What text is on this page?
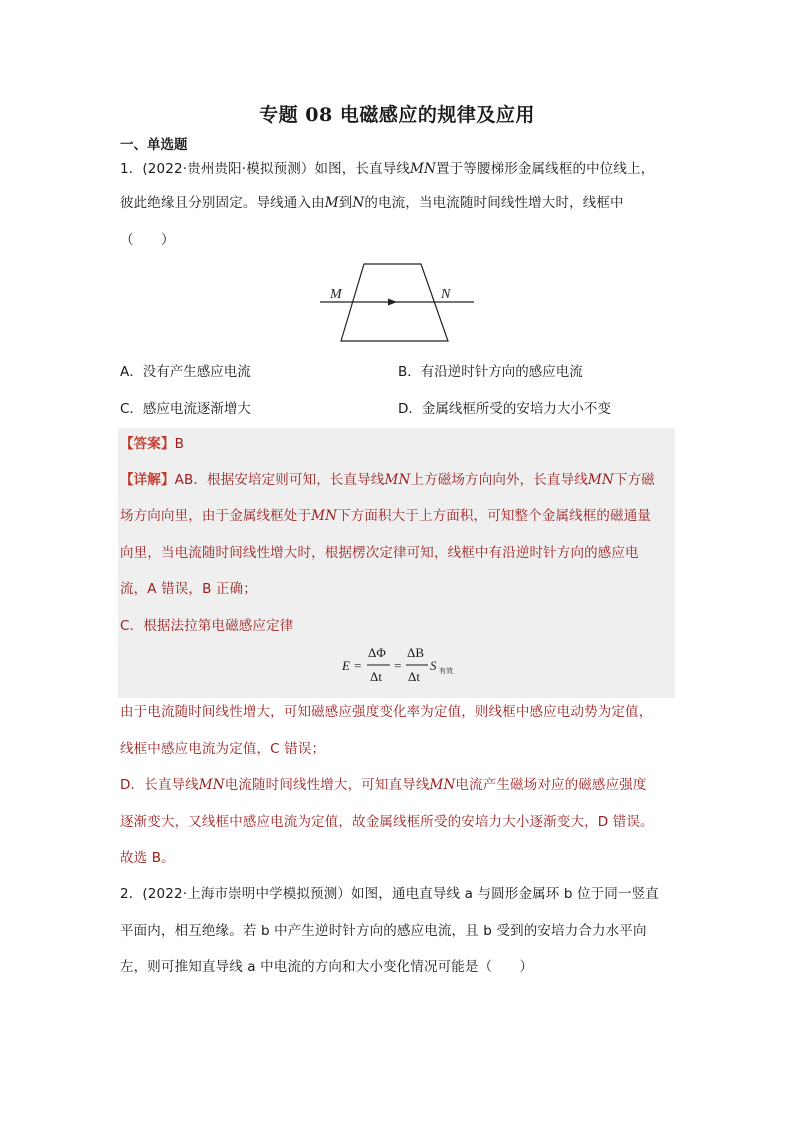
专题 08 电磁感应的规律及应用
一、单选题
1．(2022·贵州贵阳·模拟预测）如图，长直导线MN置于等腰梯形金属线框的中位线上，
彼此绝缘且分别固定。导线通入由M到N的电流，当电流随时间线性增大时，线框中
（　　）
M	N
A．没有产生感应电流	B．有沿逆时针方向的感应电流
C．感应电流逐渐增大	D．金属线框所受的安培力大小不变
【答案】B
【详解】AB．根据安培定则可知，长直导线MN上方磁场方向向外，长直导线MN下方磁
场方向向里，由于金属线框处于MN下方面积大于上方面积，可知整个金属线框的磁通量
向里，当电流随时间线性增大时，根据楞次定律可知，线框中有沿逆时针方向的感应电
流，A 错误，B 正确；
C．根据法拉第电磁感应定律
E =
ΔΦ
Δt
=
ΔB
Δt
S 有效
由于电流随时间线性增大，可知磁感应强度变化率为定值，则线框中感应电动势为定值，
线框中感应电流为定值，C 错误；
D．长直导线MN电流随时间线性增大，可知直导线MN电流产生磁场对应的磁感应强度
逐渐变大，又线框中感应电流为定值，故金属线框所受的安培力大小逐渐变大，D 错误。
故选 B。
2．(2022·上海市崇明中学模拟预测）如图，通电直导线 a 与圆形金属环 b 位于同一竖直
平面内，相互绝缘。若 b 中产生逆时针方向的感应电流，且 b 受到的安培力合力水平向
左，则可推知直导线 a 中电流的方向和大小变化情况可能是（　　）
